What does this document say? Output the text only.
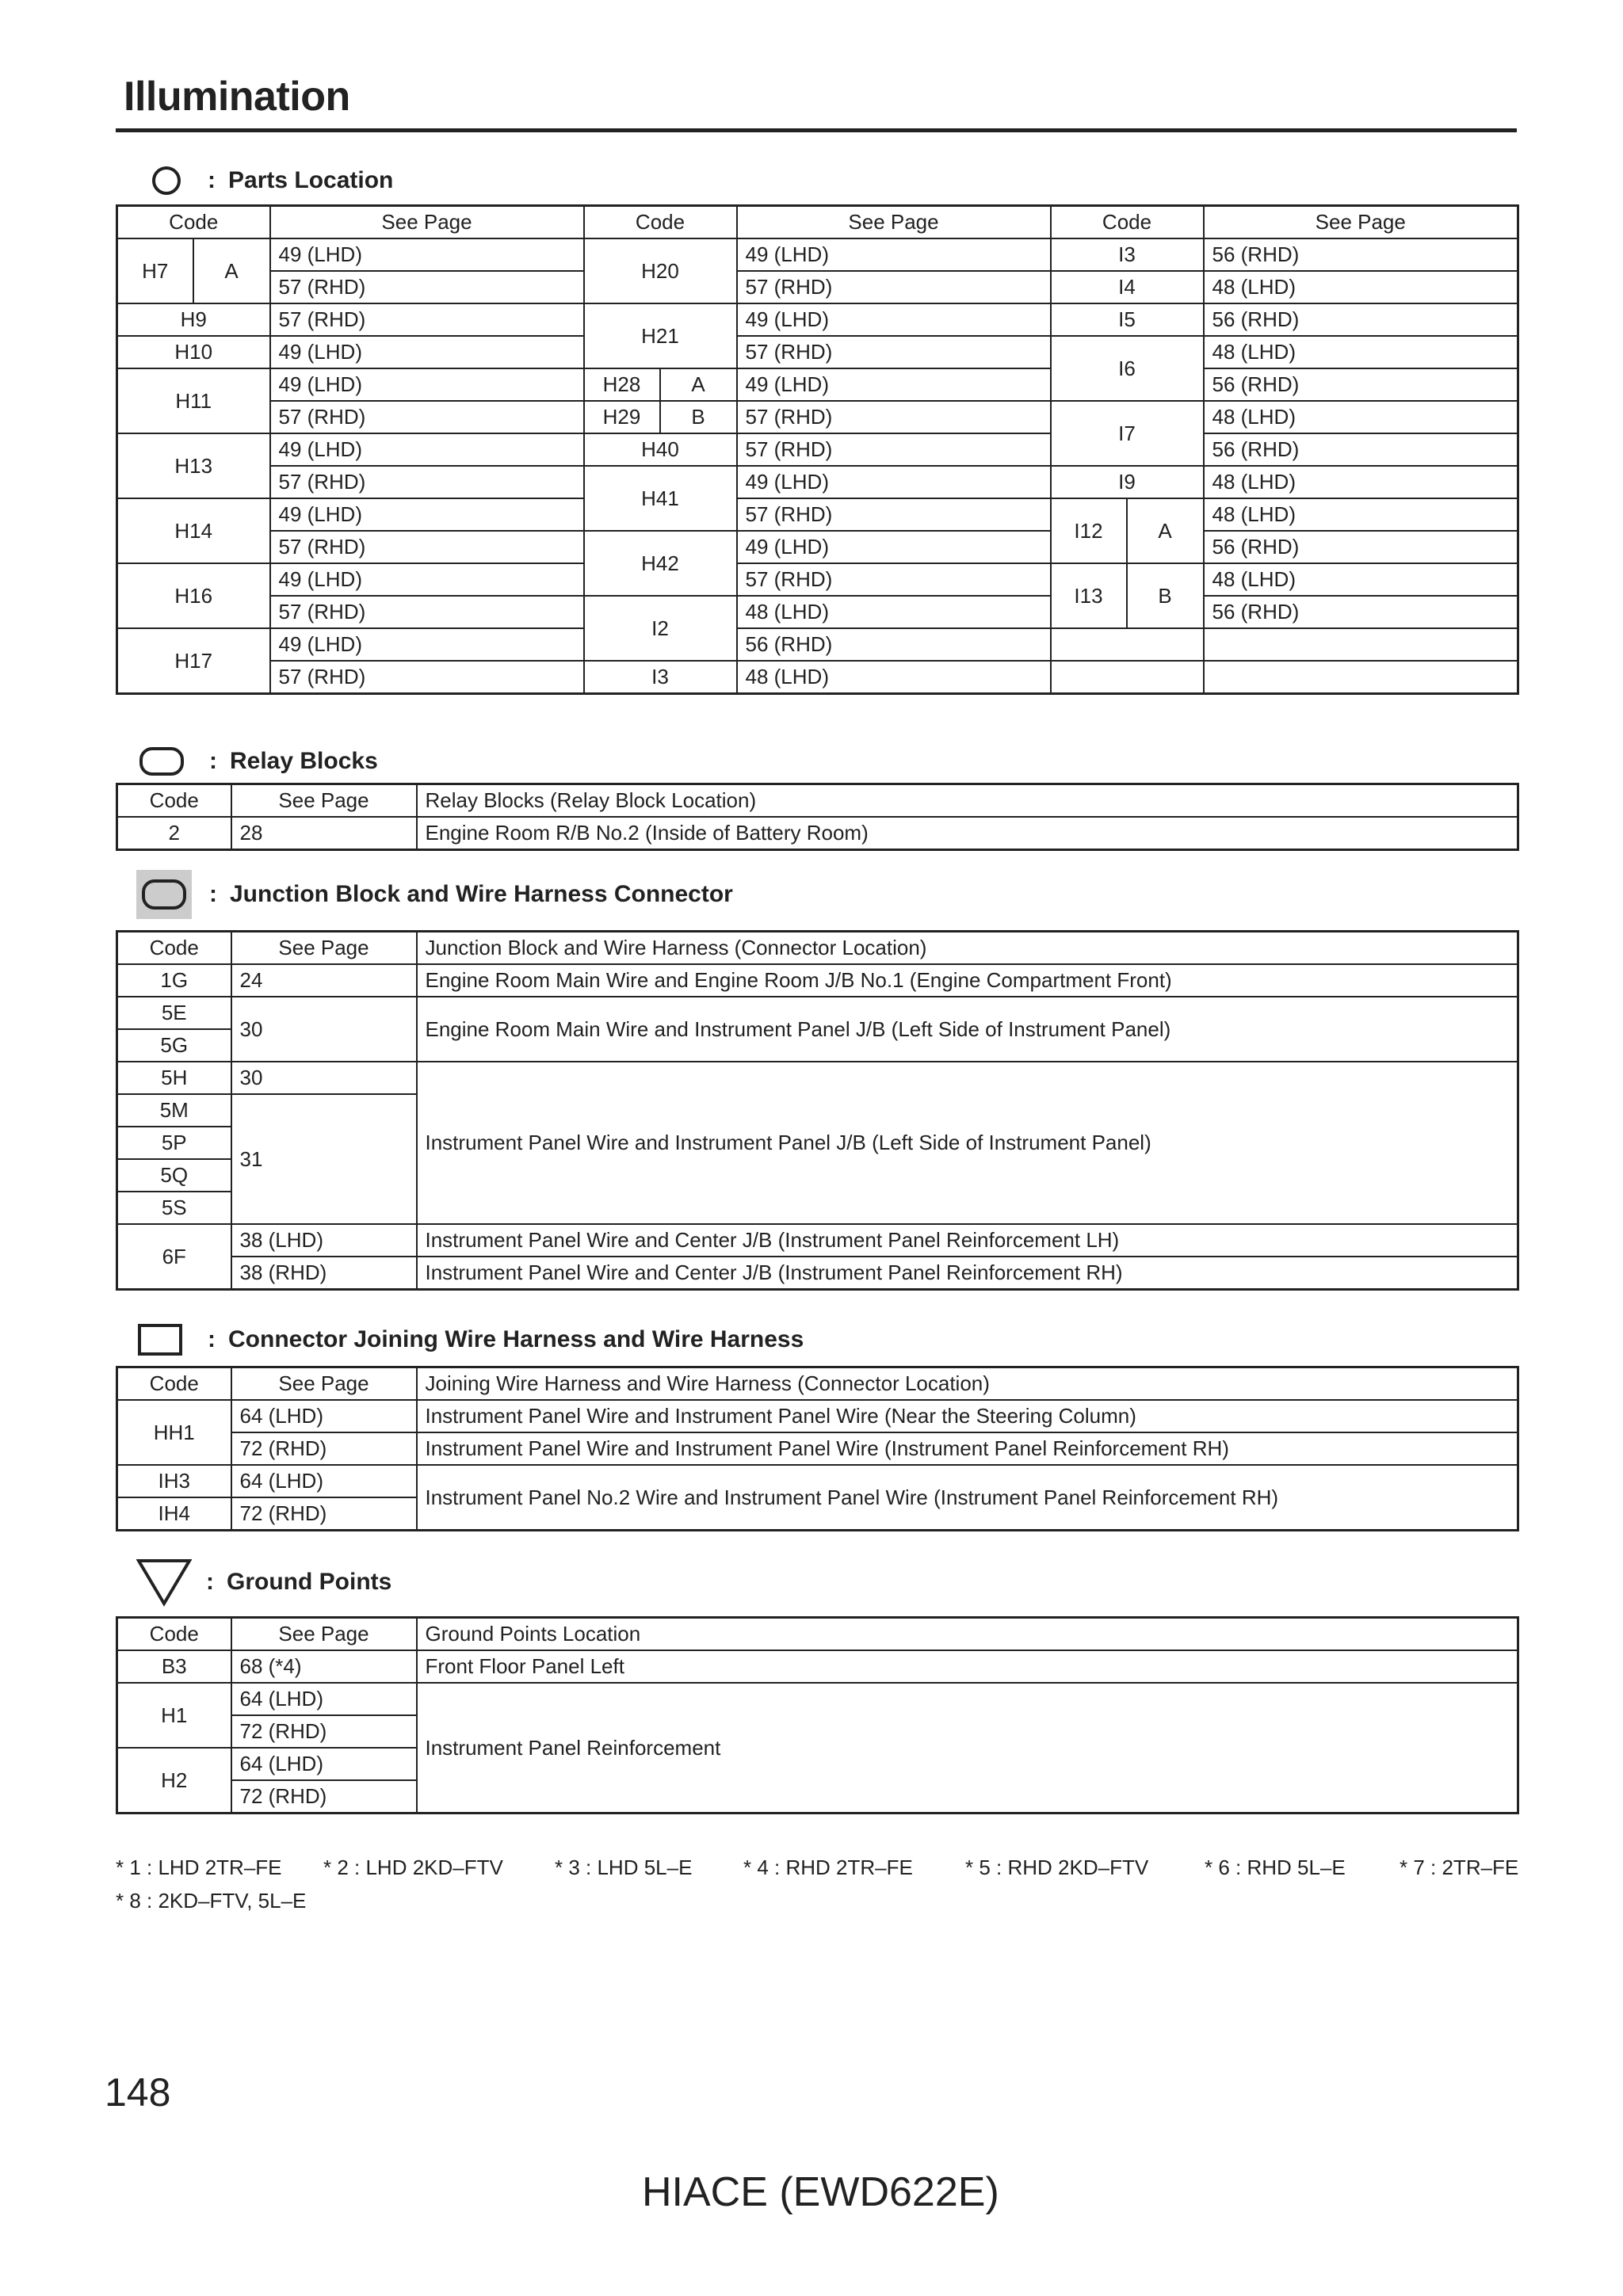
Illumination
: Parts Location
Code		See Page	Code		See Page	Code		See Page
H7	A	49 (LHD)	H20		49 (LHD)	I3		56 (RHD)
		57 (RHD)			57 (RHD)	I4		48 (LHD)
H9		57 (RHD)	H21		49 (LHD)	I5		56 (RHD)
H10		49 (LHD)			57 (RHD)	I6		48 (LHD)
H11		49 (LHD)	H28	A	49 (LHD)			56 (RHD)
		57 (RHD)	H29	B	57 (RHD)	I7		48 (LHD)
H13		49 (LHD)	H40		57 (RHD)			56 (RHD)
		57 (RHD)	H41		49 (LHD)	I9		48 (LHD)
H14		49 (LHD)			57 (RHD)	I12	A	48 (LHD)
		57 (RHD)	H42		49 (LHD)			56 (RHD)
H16		49 (LHD)			57 (RHD)	I13	B	48 (LHD)
		57 (RHD)	I2		48 (LHD)			56 (RHD)
H17		49 (LHD)			56 (RHD)			
		57 (RHD)	I3		48 (LHD)			
: Relay Blocks
Code	See Page	Relay Blocks (Relay Block Location)
2	28	Engine Room R/B No.2 (Inside of Battery Room)
: Junction Block and Wire Harness Connector
Code	See Page	Junction Block and Wire Harness (Connector Location)
1G	24	Engine Room Main Wire and Engine Room J/B No.1 (Engine Compartment Front)
5E	30	Engine Room Main Wire and Instrument Panel J/B (Left Side of Instrument Panel)
5G		
5H	30	Instrument Panel Wire and Instrument Panel J/B (Left Side of Instrument Panel)
5M	31	
5P		
5Q		
5S		
6F	38 (LHD)	Instrument Panel Wire and Center J/B (Instrument Panel Reinforcement LH)
	38 (RHD)	Instrument Panel Wire and Center J/B (Instrument Panel Reinforcement RH)
: Connector Joining Wire Harness and Wire Harness
Code	See Page	Joining Wire Harness and Wire Harness (Connector Location)
HH1	64 (LHD)	Instrument Panel Wire and Instrument Panel Wire (Near the Steering Column)
	72 (RHD)	Instrument Panel Wire and Instrument Panel Wire (Instrument Panel Reinforcement RH)
IH3	64 (LHD)	Instrument Panel No.2 Wire and Instrument Panel Wire (Instrument Panel Reinforcement RH)
IH4	72 (RHD)	
: Ground Points
Code	See Page	Ground Points Location
B3	68 (*4)	Front Floor Panel Left
H1	64 (LHD)	Instrument Panel Reinforcement
	72 (RHD)	
H2	64 (LHD)	
	72 (RHD)	
* 1 : LHD 2TR–FE * 2 : LHD 2KD–FTV	* 3 : LHD 5L–E * 4 : RHD 2TR–FE	* 5 : RHD 2KD–FTV	* 6 : RHD 5L–E	* 7 : 2TR–FE
* 8 : 2KD–FTV, 5L–E
148
HIACE (EWD622E)
